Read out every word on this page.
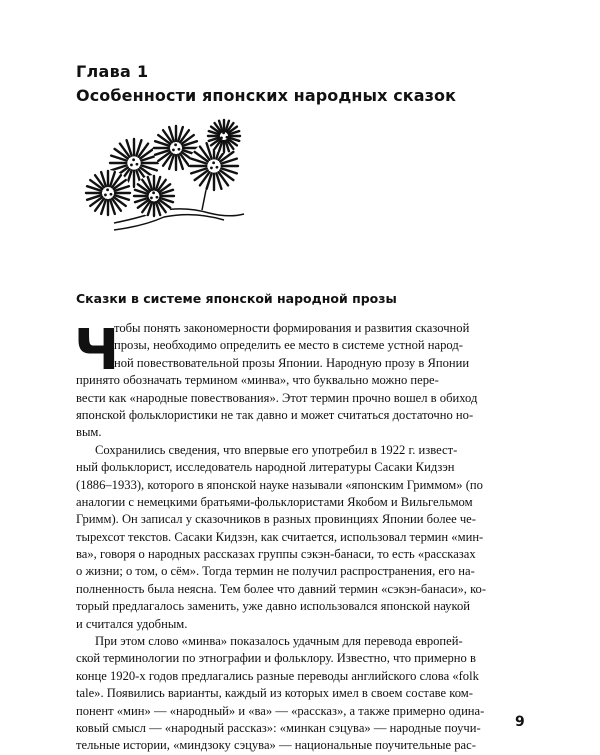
Глава 1
Особенности японских народных сказок
Сказки в системе японской народной прозы
Ч
тобы понять закономерности формирования и развития сказочной
прозы, необходимо определить ее место в системе устной народ-
ной повествовательной прозы Японии. Народную прозу в Японии
принято обозначать термином «минва», что буквально можно пере-
вести как «народные повествования». Этот термин прочно вошел в обиход
японской фольклористики не так давно и может считаться достаточно но-
вым.
Сохранились сведения, что впервые его употребил в 1922 г. извест-
ный фольклорист, исследователь народной литературы Сасаки Кидзэн
(1886–1933), которого в японской науке называли «японским Гриммом» (по
аналогии с немецкими братьями-фольклористами Якобом и Вильгельмом
Гримм). Он записал у сказочников в разных провинциях Японии более че-
тырехсот текстов. Сасаки Кидзэн, как считается, использовал термин «мин-
ва», говоря о народных рассказах группы сэкэн-банаси, то есть «рассказах
о жизни; о том, о сём». Тогда термин не получил распространения, его на-
полненность была неясна. Тем более что давний термин «сэкэн-банаси», ко-
торый предлагалось заменить, уже давно использовался японской наукой
и считался удобным.
При этом слово «минва» показалось удачным для перевода европей-
ской терминологии по этнографии и фольклору. Известно, что примерно в
конце 1920-х годов предлагались разные переводы английского слова «folk
tale». Появились варианты, каждый из которых имел в своем составе ком-
понент «мин» — «народный» и «ва» — «рассказ», а также примерно одина-
ковый смысл — «народный рассказ»: «минкан сэцува» — народные поучи-
тельные истории, «миндзоку сэцува» — национальные поучительные рас-
9
